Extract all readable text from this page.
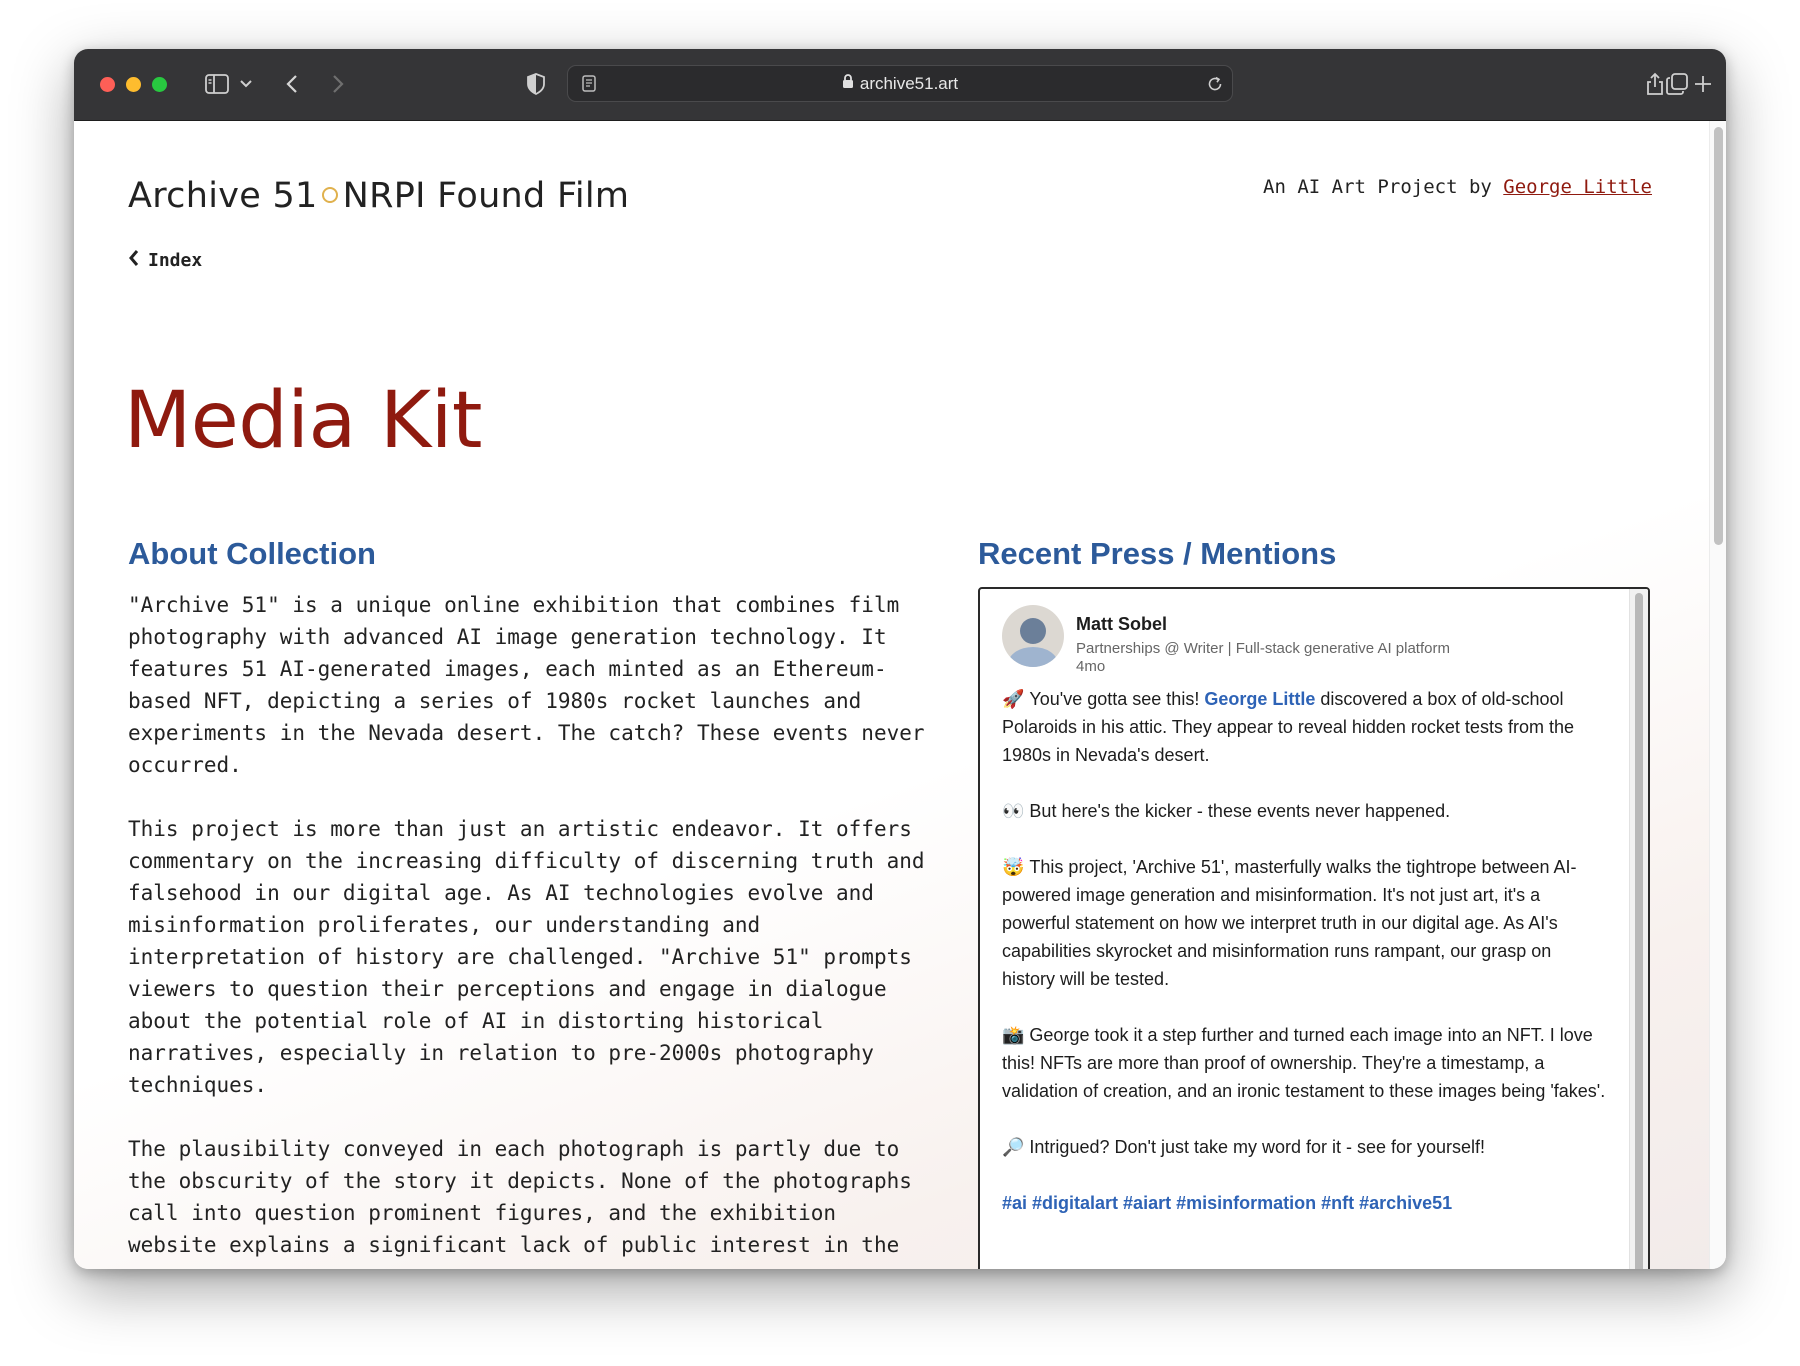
archive51.art
Archive 51 NRPI Found Film	An AI Art Project by George Little
Index
Media Kit
About Collection

"Archive 51" is a unique online exhibition that combines film photography with advanced AI image generation technology. It features 51 AI-generated images, each minted as an Ethereum-based NFT, depicting a series of 1980s rocket launches and experiments in the Nevada desert. The catch? These events never occurred.

This project is more than just an artistic endeavor. It offers commentary on the increasing difficulty of discerning truth and falsehood in our digital age. As AI technologies evolve and misinformation proliferates, our understanding and interpretation of history are challenged. "Archive 51" prompts viewers to question their perceptions and engage in dialogue about the potential role of AI in distorting historical narratives, especially in relation to pre-2000s photography techniques.

The plausibility conveyed in each photograph is partly due to the obscurity of the story it depicts. None of the photographs call into question prominent figures, and the exhibition website explains a significant lack of public interest in the

Recent Press / Mentions
Matt Sobel
Partnerships @ Writer | Full-stack generative AI platform
4mo

🚀 You've gotta see this! George Little discovered a box of old-school Polaroids in his attic. They appear to reveal hidden rocket tests from the 1980s in Nevada's desert.

👀 But here's the kicker - these events never happened.

🤯 This project, 'Archive 51', masterfully walks the tightrope between AI-powered image generation and misinformation. It's not just art, it's a powerful statement on how we interpret truth in our digital age. As AI's capabilities skyrocket and misinformation runs rampant, our grasp on history will be tested.

📸 George took it a step further and turned each image into an NFT. I love this! NFTs are more than proof of ownership. They're a timestamp, a validation of creation, and an ironic testament to these images being 'fakes'.

🔎 Intrigued? Don't just take my word for it - see for yourself!

#ai #digitalart #aiart #misinformation #nft #archive51
